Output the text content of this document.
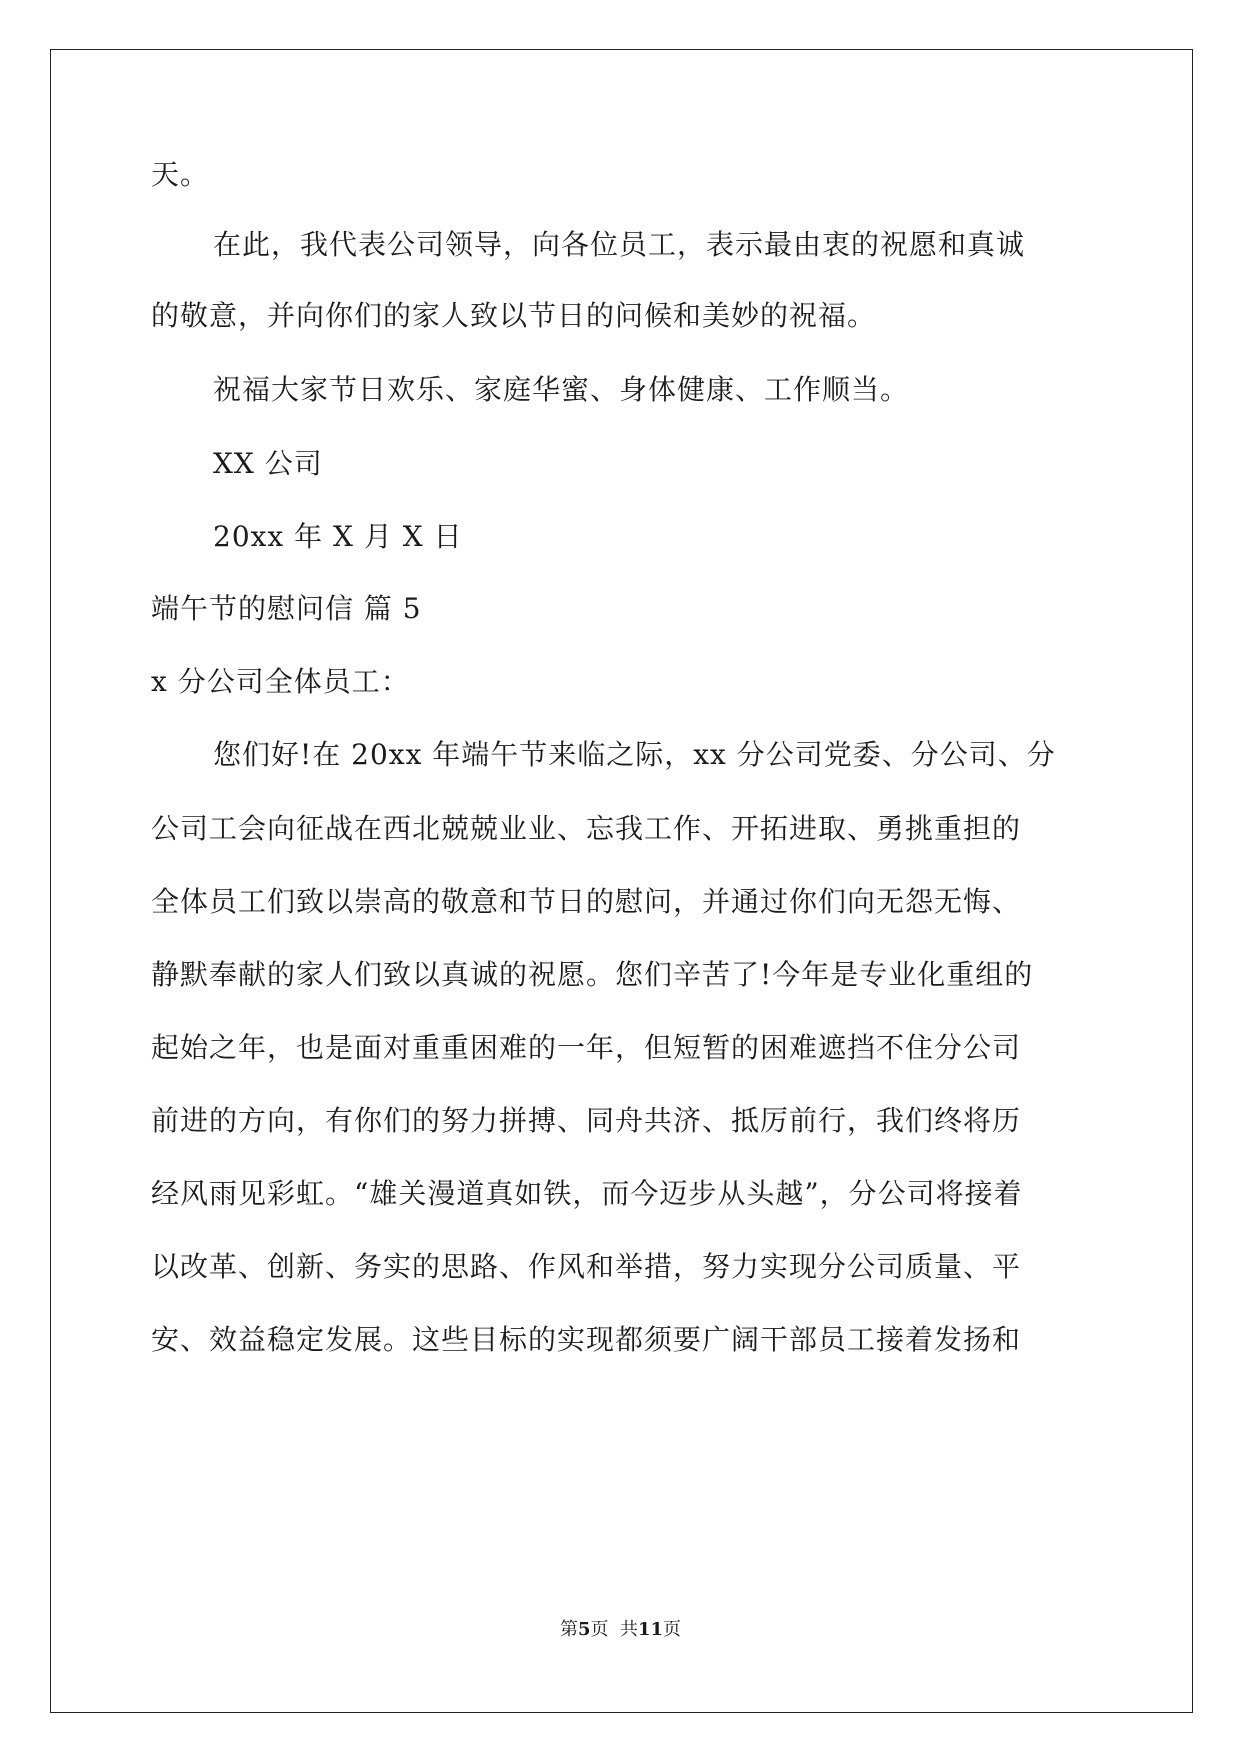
天。
在此，我代表公司领导，向各位员工，表示最由衷的祝愿和真诚
的敬意，并向你们的家人致以节日的问候和美妙的祝福。
祝福大家节日欢乐、家庭华蜜、身体健康、工作顺当。
XX 公司
20xx 年 X 月 X 日
端午节的慰问信 篇 5
x 分公司全体员工：
您们好!在 20xx 年端午节来临之际，xx 分公司党委、分公司、分
公司工会向征战在西北兢兢业业、忘我工作、开拓进取、勇挑重担的
全体员工们致以崇高的敬意和节日的慰问，并通过你们向无怨无悔、
静默奉献的家人们致以真诚的祝愿。您们辛苦了!今年是专业化重组的
起始之年，也是面对重重困难的一年，但短暂的困难遮挡不住分公司
前进的方向，有你们的努力拼搏、同舟共济、抵厉前行，我们终将历
经风雨见彩虹。“雄关漫道真如铁，而今迈步从头越”，分公司将接着
以改革、创新、务实的思路、作风和举措，努力实现分公司质量、平
安、效益稳定发展。这些目标的实现都须要广阔干部员工接着发扬和
第5页  共11页
